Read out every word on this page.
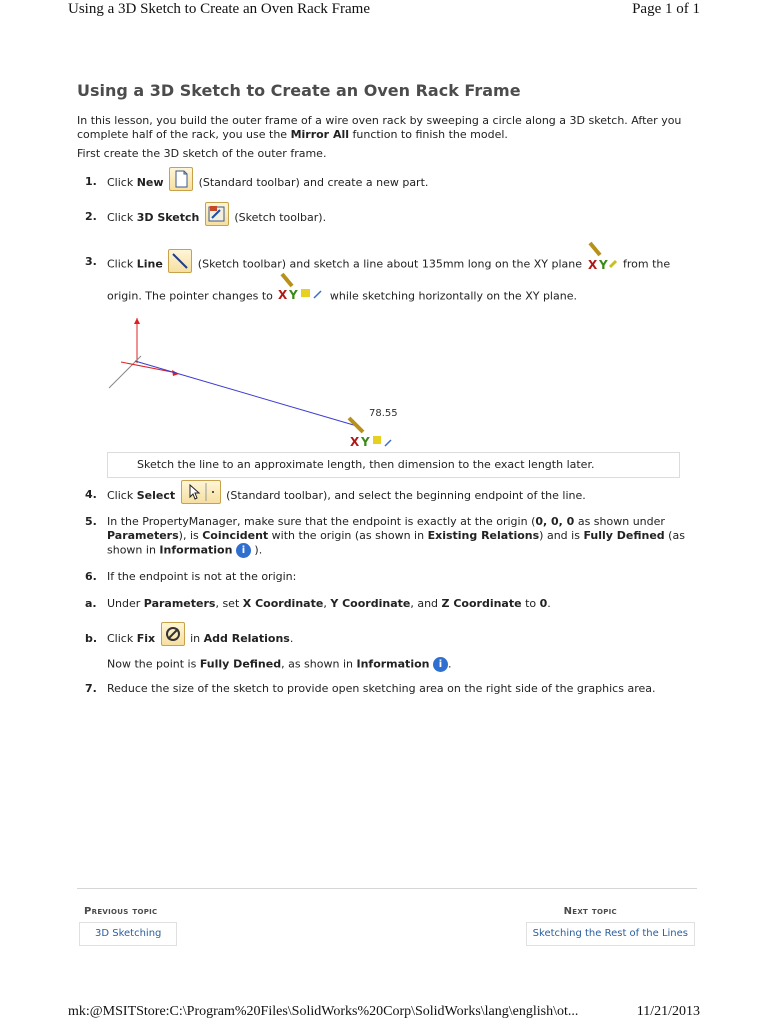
Using a 3D Sketch to Create an Oven Rack Frame	Page 1 of 1
Using a 3D Sketch to Create an Oven Rack Frame

In this lesson, you build the outer frame of a wire oven rack by sweeping a circle along a 3D sketch. After you complete half of the rack, you use the Mirror All function to finish the model.

First create the 3D sketch of the outer frame.

1. Click New	(Standard toolbar) and create a new part.
2. Click 3D Sketch	(Sketch toolbar).
3. Click Line	(Sketch toolbar) and sketch a line about 135mm long on the XY plane X Y from the
origin. The pointer changes to X Y	while sketching horizontally on the XY plane.
78.55
X Y
Sketch the line to an approximate length, then dimension to the exact length later.
4. Click Select	(Standard toolbar), and select the beginning endpoint of the line.
5. In the PropertyManager, make sure that the endpoint is exactly at the origin (0, 0, 0 as shown under Parameters), is Coincident with the origin (as shown in Existing Relations) and is Fully Defined (as shown in Information i ).
6. If the endpoint is not at the origin:
a. Under Parameters, set X Coordinate, Y Coordinate, and Z Coordinate to 0.
b. Click Fix	in Add Relations.
Now the point is Fully Defined, as shown in Information i .
7. Reduce the size of the sketch to provide open sketching area on the right side of the graphics area.
Previous topic
3D Sketching
Next topic
Sketching the Rest of the Lines
mk:@MSITStore:C:\Program%20Files\SolidWorks%20Corp\SolidWorks\lang\english\ot...	11/21/2013
